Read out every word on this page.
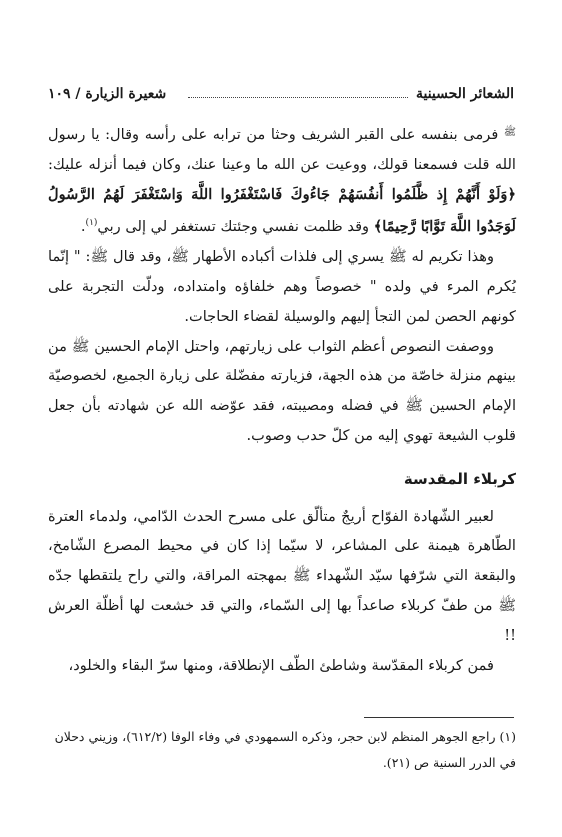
الشعائر الحسينية
شعيرة الزيارة / ١٠٩

$^ﷺ$ فرمى بنفسه على القبر الشريف وحثا من ترابه على رأسه وقال: يا رسول الله قلت فسمعنا قولك، ووعيت عن الله ما وعينا عنك، وكان فيما أنزله عليك: ﴿وَلَوْ أَنَّهُمْ إِذ ظَّلَمُوا أَنفُسَهُمْ جَاءُوكَ فَاسْتَغْفَرُوا اللَّهَ وَاسْتَغْفَرَ لَهُمُ الرَّسُولُ لَوَجَدُوا اللَّهَ تَوَّابًا رَّحِيمًا﴾ وقد ظلمت نفسي وجئتك تستغفر لي إلى ربي$^{(١)}$.

وهذا تكريم له ﷺ يسري إلى فلذات أكباده الأطهار ﷺ، وقد قال ﷺ: " إنّما يُكرم المرء في ولده " خصوصاً وهم خلفاؤه وامتداده، ودلّت التجربة على كونهم الحصن لمن التجأ إليهم والوسيلة لقضاء الحاجات.

ووصفت النصوص أعظم الثواب على زيارتهم، واحتل الإمام الحسين ﷺ من بينهم منزلة خاصّة من هذه الجهة، فزيارته مفضّلة على زيارة الجميع، لخصوصيّة الإمام الحسين ﷺ في فضله ومصيبته، فقد عوّضه الله عن شهادته بأن جعل قلوب الشيعة تهوي إليه من كلّ حدب وصوب.

كربلاء المقدسة

لعبير الشّهادة الفوّاح أريجٌ متألّق على مسرح الحدث الدّامي، ولدماء العترة الطّاهرة هيمنة على المشاعر، لا سيّما إذا كان في محيط المصرع الشّامخ، والبقعة التي شرّفها سيّد الشّهداء ﷺ بمهجته المراقة، والتي راح يلتقطها جدّه ﷺ من طفّ كربلاء صاعداً بها إلى السّماء، والتي قد خشعت لها أظلّة العرش !!

فمن كربلاء المقدّسة وشاطئ الطّف الإنطلاقة، ومنها سرّ البقاء والخلود،

(١) راجع الجوهر المنظم لابن حجر، وذكره السمهودي في وفاء الوفا (٦١٢/٢)، وزيني دحلان في الدرر السنية ص (٢١).
